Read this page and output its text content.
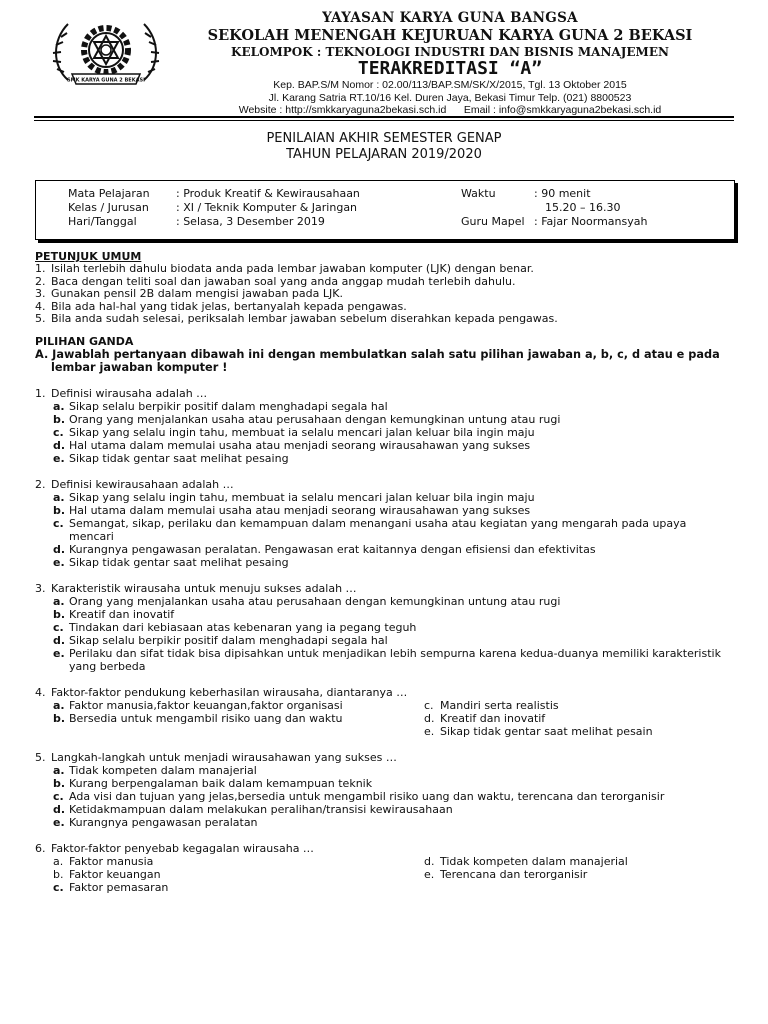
SMK KARYA GUNA 2 BEKASI
YAYASAN KARYA GUNA BANGSA
SEKOLAH MENENGAH KEJURUAN KARYA GUNA 2 BEKASI
KELOMPOK : TEKNOLOGI INDUSTRI DAN BISNIS MANAJEMEN
TERAKREDITASI “A”
Kep. BAP.S/M Nomor : 02.00/113/BAP.SM/SK/X/2015, Tgl. 13 Oktober 2015
Jl. Karang Satria RT.10/16 Kel. Duren Jaya, Bekasi Timur Telp. (021) 8800523
Website : http://smkkaryaguna2bekasi.sch.id      Email : info@smkkaryaguna2bekasi.sch.id
PENILAIAN AKHIR SEMESTER GENAP
TAHUN PELAJARAN 2019/2020
Mata Pelajaran : Produk Kreatif & Kewirausahaan
Kelas / Jurusan : XI / Teknik Komputer & Jaringan
Hari/Tanggal	: Selasa, 3 Desember 2019
Waktu	: 90 menit
15.20 – 16.30
Guru Mapel : Fajar Noormansyah
PETUNJUK UMUM
1. Isilah terlebih dahulu biodata anda pada lembar jawaban komputer (LJK) dengan benar.
2. Baca dengan teliti soal dan jawaban soal yang anda anggap mudah terlebih dahulu.
3. Gunakan pensil 2B dalam mengisi jawaban pada LJK.
4. Bila ada hal-hal yang tidak jelas, bertanyalah kepada pengawas.
5. Bila anda sudah selesai, periksalah lembar jawaban sebelum diserahkan kepada pengawas.
PILIHAN GANDA
A. Jawablah pertanyaan dibawah ini dengan membulatkan salah satu pilihan jawaban a, b, c, d atau e pada
lembar jawaban komputer !
1. Definisi wirausaha adalah …
a. Sikap selalu berpikir positif dalam menghadapi segala hal
b. Orang yang menjalankan usaha atau perusahaan dengan kemungkinan untung atau rugi
c. Sikap yang selalu ingin tahu, membuat ia selalu mencari jalan keluar bila ingin maju
d. Hal utama dalam memulai usaha atau menjadi seorang wirausahawan yang sukses
e. Sikap tidak gentar saat melihat pesaing
2. Definisi kewirausahaan adalah …
a. Sikap yang selalu ingin tahu, membuat ia selalu mencari jalan keluar bila ingin maju
b. Hal utama dalam memulai usaha atau menjadi seorang wirausahawan yang sukses
c. Semangat, sikap, perilaku dan kemampuan dalam menangani usaha atau kegiatan yang mengarah pada upaya
mencari
d. Kurangnya pengawasan peralatan. Pengawasan erat kaitannya dengan efisiensi dan efektivitas
e. Sikap tidak gentar saat melihat pesaing
3. Karakteristik wirausaha untuk menuju sukses adalah …
a. Orang yang menjalankan usaha atau perusahaan dengan kemungkinan untung atau rugi
b. Kreatif dan inovatif
c. Tindakan dari kebiasaan atas kebenaran yang ia pegang teguh
d. Sikap selalu berpikir positif dalam menghadapi segala hal
e. Perilaku dan sifat tidak bisa dipisahkan untuk menjadikan lebih sempurna karena kedua-duanya memiliki karakteristik
yang berbeda
4. Faktor-faktor pendukung keberhasilan wirausaha, diantaranya …
a. Faktor manusia,faktor keuangan,faktor organisasi
b. Bersedia untuk mengambil risiko uang dan waktu
c. Mandiri serta realistis
d. Kreatif dan inovatif
e. Sikap tidak gentar saat melihat pesain
5. Langkah-langkah untuk menjadi wirausahawan yang sukses …
a. Tidak kompeten dalam manajerial
b. Kurang berpengalaman baik dalam kemampuan teknik
c. Ada visi dan tujuan yang jelas,bersedia untuk mengambil risiko uang dan waktu, terencana dan terorganisir
d. Ketidakmampuan dalam melakukan peralihan/transisi kewirausahaan
e. Kurangnya pengawasan peralatan
6. Faktor-faktor penyebab kegagalan wirausaha …
a. Faktor manusia
b. Faktor keuangan
c. Faktor pemasaran
d. Tidak kompeten dalam manajerial
e. Terencana dan terorganisir
